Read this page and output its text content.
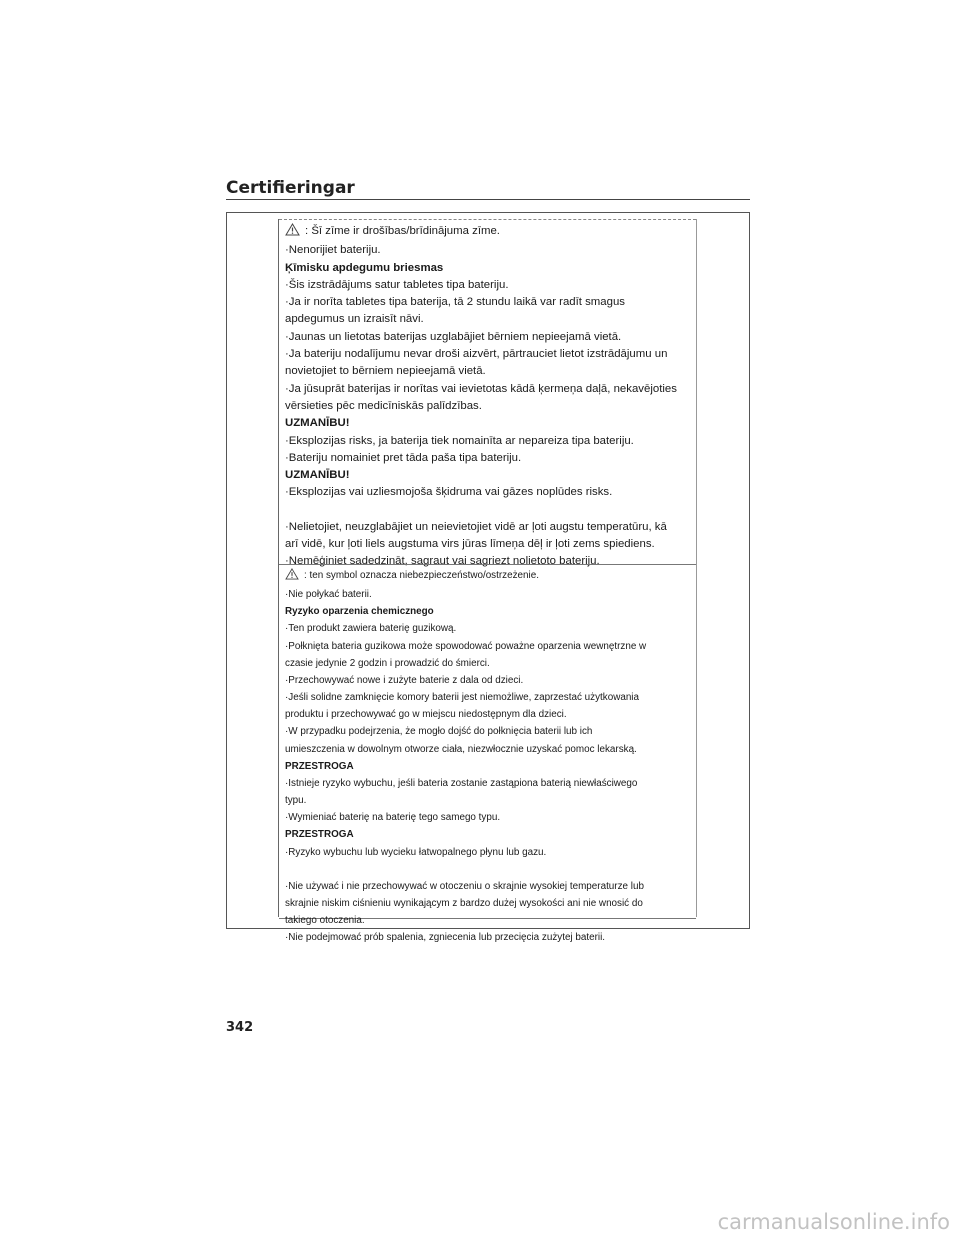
Certifieringar
: Šī zīme ir drošības/brīdinājuma zīme.
·Nenorijiet bateriju.
Ķīmisku apdegumu briesmas
·Šis izstrādājums satur tabletes tipa bateriju.
·Ja ir norīta tabletes tipa baterija, tā 2 stundu laikā var radīt smagus
apdegumus un izraisīt nāvi.
·Jaunas un lietotas baterijas uzglabājiet bērniem nepieejamā vietā.
·Ja bateriju nodalījumu nevar droši aizvērt, pārtrauciet lietot izstrādājumu un
novietojiet to bērniem nepieejamā vietā.
·Ja jūsuprāt baterijas ir norītas vai ievietotas kādā ķermeņa daļā, nekavējoties
vērsieties pēc medicīniskās palīdzības.
UZMANĪBU!
·Eksplozijas risks, ja baterija tiek nomainīta ar nepareiza tipa bateriju.
·Bateriju nomainiet pret tāda paša tipa bateriju.
UZMANĪBU!
·Eksplozijas vai uzliesmojoša šķidruma vai gāzes noplūdes risks.
·Nelietojiet, neuzglabājiet un neievietojiet vidē ar ļoti augstu temperatūru, kā
arī vidē, kur ļoti liels augstuma virs jūras līmeņa dēļ ir ļoti zems spiediens.
·Nemēģiniet sadedzināt, sagraut vai sagriezt nolietoto bateriju.
: ten symbol oznacza niebezpieczeństwo/ostrzeżenie.
·Nie połykać baterii.
Ryzyko oparzenia chemicznego
·Ten produkt zawiera baterię guzikową.
·Połknięta bateria guzikowa może spowodować poważne oparzenia wewnętrzne w
czasie jedynie 2 godzin i prowadzić do śmierci.
·Przechowywać nowe i zużyte baterie z dala od dzieci.
·Jeśli solidne zamknięcie komory baterii jest niemożliwe, zaprzestać użytkowania
produktu i przechowywać go w miejscu niedostępnym dla dzieci.
·W przypadku podejrzenia, że mogło dojść do połknięcia baterii lub ich
umieszczenia w dowolnym otworze ciała, niezwłocznie uzyskać pomoc lekarską.
PRZESTROGA
·Istnieje ryzyko wybuchu, jeśli bateria zostanie zastąpiona baterią niewłaściwego
typu.
·Wymieniać baterię na baterię tego samego typu.
PRZESTROGA
·Ryzyko wybuchu lub wycieku łatwopalnego płynu lub gazu.
·Nie używać i nie przechowywać w otoczeniu o skrajnie wysokiej temperaturze lub
skrajnie niskim ciśnieniu wynikającym z bardzo dużej wysokości ani nie wnosić do
takiego otoczenia.
·Nie podejmować prób spalenia, zgniecenia lub przecięcia zużytej baterii.
342
carmanualsonline.info
